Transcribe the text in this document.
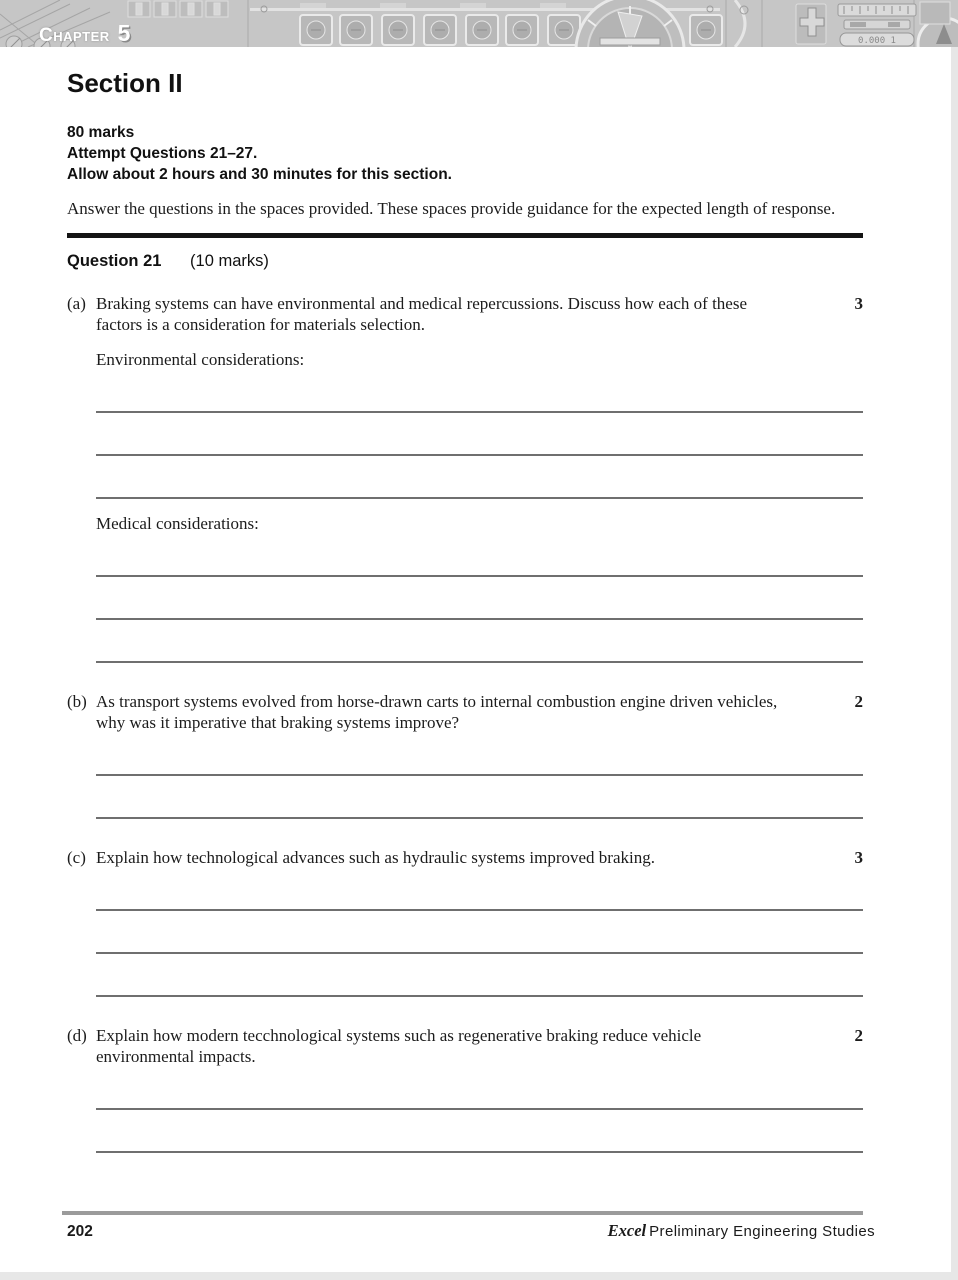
0.000 1
Chapter 5
Section II
80 marks
Attempt Questions 21–27.
Allow about 2 hours and 30 minutes for this section.

Answer the questions in the spaces provided. These spaces provide guidance for the expected length of response.

Question 21 (10 marks)
(a) Braking systems can have environmental and medical repercussions. Discuss how each of these factors is a consideration for materials selection.
3
Environmental considerations:
Medical considerations:
(b) As transport systems evolved from horse-drawn carts to internal combustion engine driven vehicles, why was it imperative that braking systems improve?
2
(c) Explain how technological advances such as hydraulic systems improved braking.	3
(d) Explain how modern tecchnological systems such as regenerative braking reduce vehicle environmental impacts.
2
202	Excel Preliminary Engineering Studies
